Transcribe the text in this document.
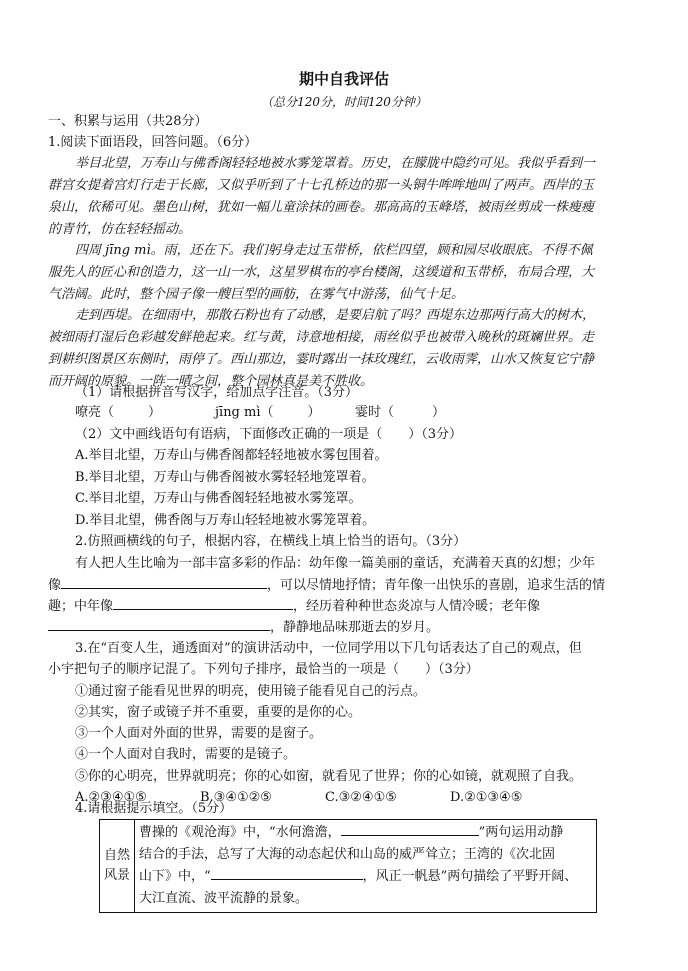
期中自我评估
（总分120分，时间120分钟）
一、积累与运用（共28分）
1.阅读下面语段，回答问题。（6分）
举目北望，万寿山与佛香阁轻轻地被水雾笼罩着。历史，在朦胧中隐约可见。我似乎看到一
群宫女提着宫灯行走于长廊，又似乎听到了十七孔桥边的那一头铜牛哞哞地叫了两声。西岸的玉
泉山，依稀可见。墨色山树，犹如一幅儿童涂抹的画卷。那高高的玉峰塔，被雨丝剪成一株瘦瘦
的青竹，仿在轻轻摇动。
四周 jīng mì。雨，还在下。我们躬身走过玉带桥，依栏四望，顾和园尽收眼底。不得不佩
服先人的匠心和创造力，这一山一水，这星罗棋布的亭台楼阁，这缓道和玉带桥，布局合理，大
气浩阔。此时，整个园子像一艘巨型的画舫，在雾气中游荡，仙气十足。
走到西堤。在细雨中，那散石粉也有了动感，是要启航了吗？西堤东边那两行高大的树木，
被细雨打湿后色彩越发鲜艳起来。红与黄，诗意地相接，雨丝似乎也被带入晚秋的斑斓世界。走
到耕织图景区东侧时，雨停了。西山那边，霎时露出一抹玫瑰红，云收雨霁，山水又恢复它宁静
而开阔的原貌。一阵一晴之间，整个园林真是美不胜收。
（1）请根据拼音写汉字，给加点字注音。（3分）
嘹亮（	）	jīng mì（	）	霎时（	）
（2）文中画线语句有语病，下面修改正确的一项是（　　）（3分）
A.举目北望，万寿山与佛香阁都轻轻地被水雾包围着。
B.举目北望，万寿山与佛香阁被水雾轻轻地笼罩着。
C.举目北望，万寿山与佛香阁轻轻地被水雾笼罩。
D.举目北望，佛香阁与万寿山轻轻地被水雾笼罩着。
2.仿照画横线的句子，根据内容，在横线上填上恰当的语句。（3分）
有人把人生比喻为一部丰富多彩的作品：幼年像一篇美丽的童话，充满着天真的幻想；少年
像	，可以尽情地抒情；青年像一出快乐的喜剧，追求生活的情
趣；中年像	，经历着种种世态炎凉与人情冷暖；老年像
，静静地品味那逝去的岁月。
3.在“百变人生，通透面对”的演讲活动中，一位同学用以下几句话表达了自己的观点，但
小宇把句子的顺序记混了。下列句子排序，最恰当的一项是（　　）（3分）
①通过窗子能看见世界的明亮，使用镜子能看见自己的污点。
②其实，窗子或镜子并不重要，重要的是你的心。
③一个人面对外面的世界，需要的是窗子。
④一个人面对自我时，需要的是镜子。
⑤你的心明亮，世界就明亮；你的心如窗，就看见了世界；你的心如镜，就观照了自我。
A.②③④①⑤	B.③④①②⑤	C.③②④①⑤	D.②①③④⑤
4.请根据提示填空。（5分）
自然
风景	
曹操的《观沧海》中，“水何澹澹，	”两句运用动静
结合的手法，总写了大海的动态起伏和山岛的威严耸立；王湾的《次北固
山下》中，“	，风正一帆悬”两句描绘了平野开阔、
大江直流、波平流静的景象。
